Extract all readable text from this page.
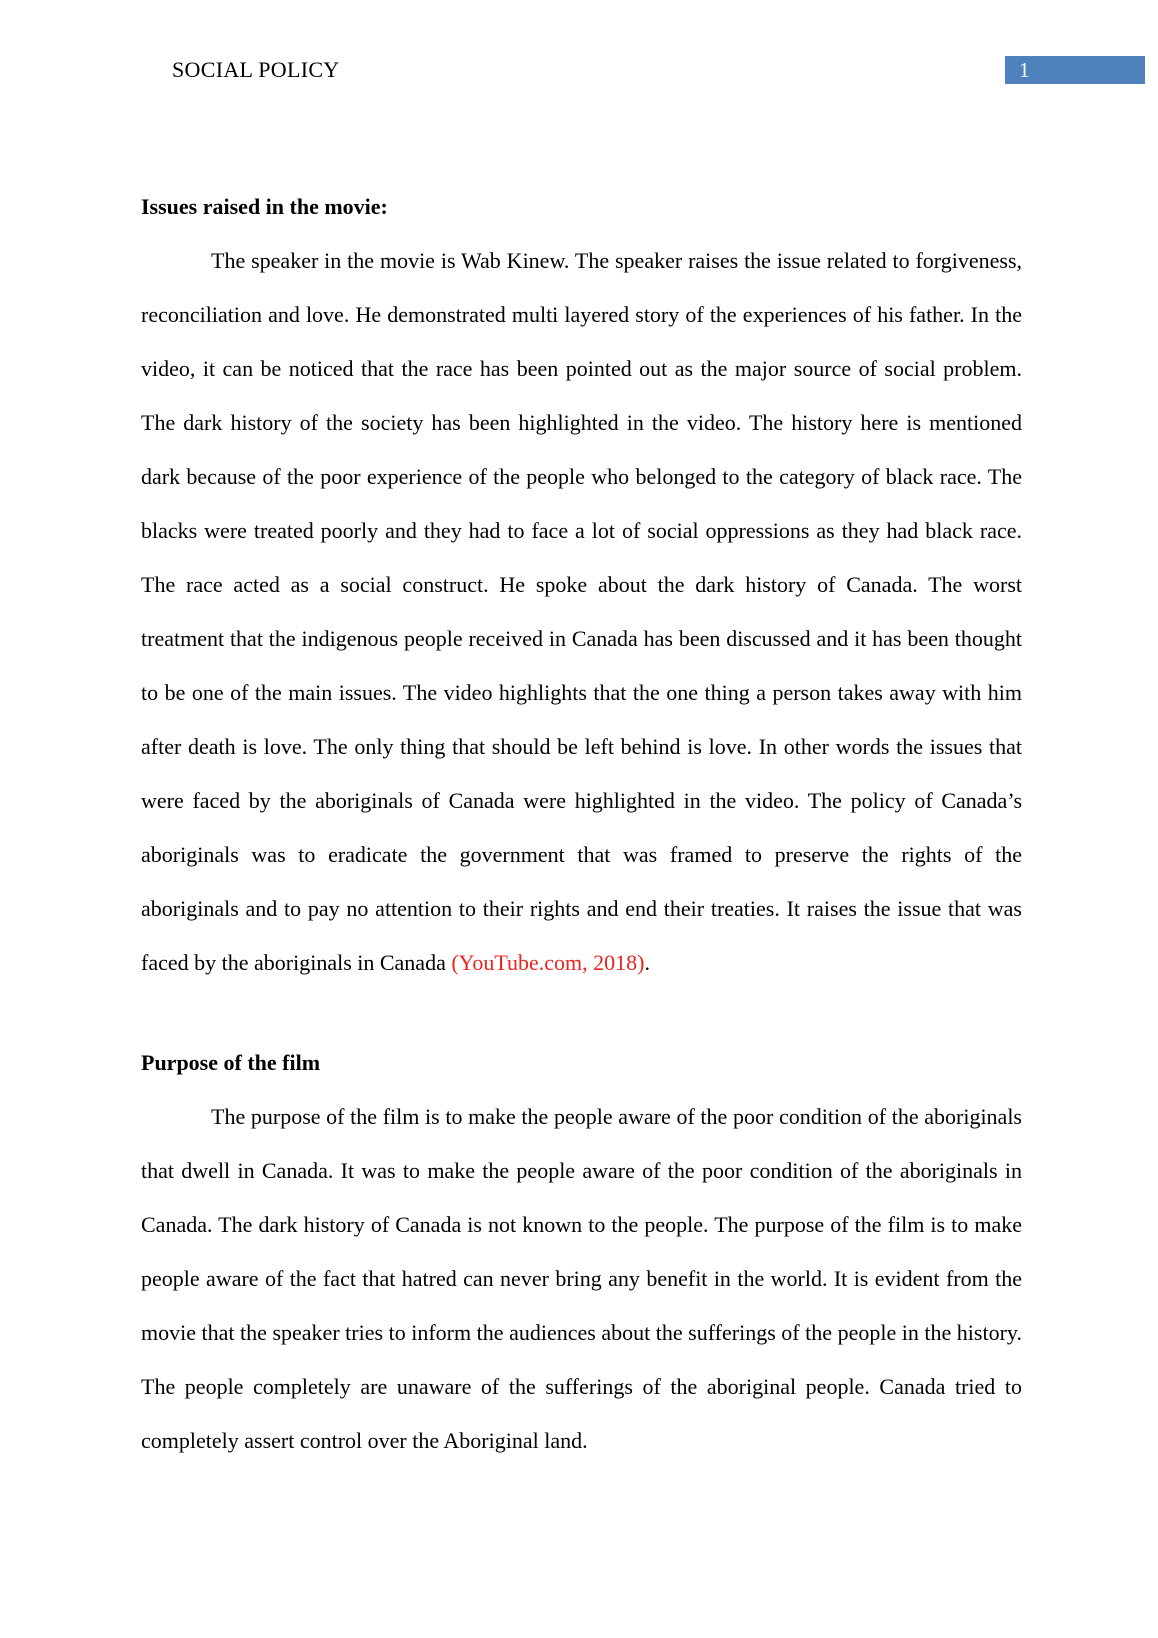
SOCIAL POLICY	1

Issues raised in the movie:

The speaker in the movie is Wab Kinew. The speaker raises the issue related to forgiveness, reconciliation and love. He demonstrated multi layered story of the experiences of his father. In the video, it can be noticed that the race has been pointed out as the major source of social problem. The dark history of the society has been highlighted in the video. The history here is mentioned dark because of the poor experience of the people who belonged to the category of black race. The blacks were treated poorly and they had to face a lot of social oppressions as they had black race. The race acted as a social construct. He spoke about the dark history of Canada. The worst treatment that the indigenous people received in Canada has been discussed and it has been thought to be one of the main issues. The video highlights that the one thing a person takes away with him after death is love. The only thing that should be left behind is love. In other words the issues that were faced by the aboriginals of Canada were highlighted in the video. The policy of Canada’s aboriginals was to eradicate the government that was framed to preserve the rights of the aboriginals and to pay no attention to their rights and end their treaties. It raises the issue that was faced by the aboriginals in Canada (YouTube.com, 2018).

Purpose of the film

The purpose of the film is to make the people aware of the poor condition of the aboriginals that dwell in Canada. It was to make the people aware of the poor condition of the aboriginals in Canada. The dark history of Canada is not known to the people. The purpose of the film is to make people aware of the fact that hatred can never bring any benefit in the world. It is evident from the movie that the speaker tries to inform the audiences about the sufferings of the people in the history. The people completely are unaware of the sufferings of the aboriginal people. Canada tried to completely assert control over the Aboriginal land.
